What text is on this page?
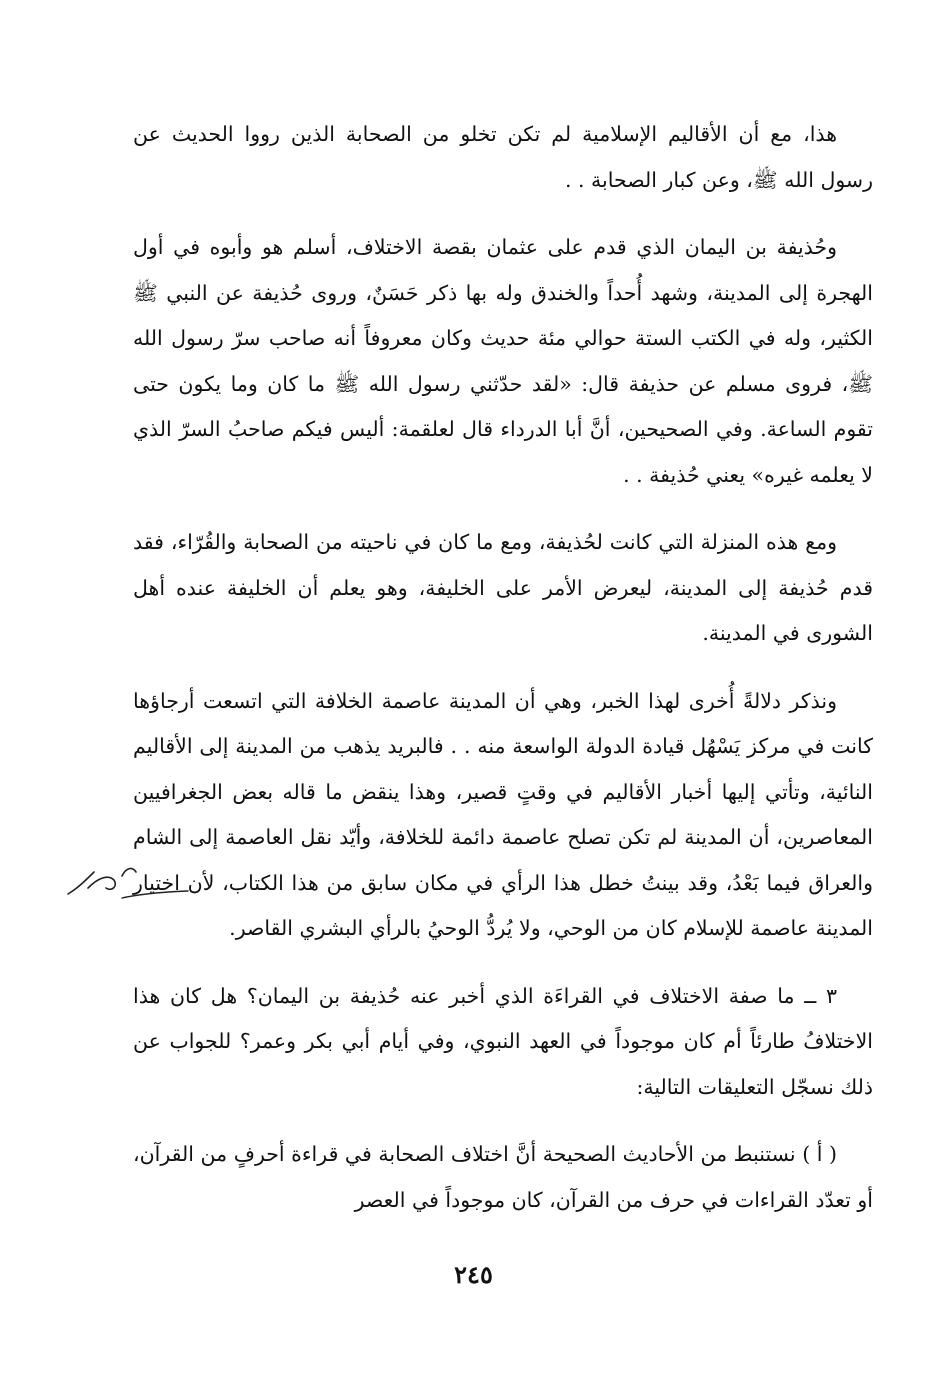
هذا، مع أن الأقاليم الإسلامية لم تكن تخلو من الصحابة الذين رووا الحديث عن رسول الله ﷺ، وعن كبار الصحابة . .

وحُذيفة بن اليمان الذي قدم على عثمان بقصة الاختلاف، أسلم هو وأبوه في أول الهجرة إلى المدينة، وشهد أُحداً والخندق وله بها ذكر حَسَنٌ، وروى حُذيفة عن النبي ﷺ الكثير، وله في الكتب الستة حوالي مئة حديث وكان معروفاً أنه صاحب سرّ رسول الله ﷺ، فروى مسلم عن حذيفة قال: «لقد حدّثني رسول الله ﷺ ما كان وما يكون حتى تقوم الساعة. وفي الصحيحين، أنَّ أبا الدرداء قال لعلقمة: أليس فيكم صاحبُ السرّ الذي لا يعلمه غيره» يعني حُذيفة . .

ومع هذه المنزلة التي كانت لحُذيفة، ومع ما كان في ناحيته من الصحابة والقُرّاء، فقد قدم حُذيفة إلى المدينة، ليعرض الأمر على الخليفة، وهو يعلم أن الخليفة عنده أهل الشورى في المدينة.

ونذكر دلالةً أُخرى لهذا الخبر، وهي أن المدينة عاصمة الخلافة التي اتسعت أرجاؤها كانت في مركز يَسْهُل قيادة الدولة الواسعة منه . . فالبريد يذهب من المدينة إلى الأقاليم النائية، وتأتي إليها أخبار الأقاليم في وقتٍ قصير، وهذا ينقض ما قاله بعض الجغرافيين المعاصرين، أن المدينة لم تكن تصلح عاصمة دائمة للخلافة، وأيّد نقل العاصمة إلى الشام والعراق فيما بَعْدُ، وقد بينتُ خطل هذا الرأي في مكان سابق من هذا الكتاب، لأن اختيار المدينة عاصمة للإسلام كان من الوحي، ولا يُردُّ الوحيُ بالرأي البشري القاصر.

٣ ــ ما صفة الاختلاف في القراءَة الذي أخبر عنه حُذيفة بن اليمان؟ هل كان هذا الاختلافُ طارئاً أم كان موجوداً في العهد النبوي، وفي أيام أبي بكر وعمر؟ للجواب عن ذلك نسجّل التعليقات التالية:

( أ ) نستنبط من الأحاديث الصحيحة أنَّ اختلاف الصحابة في قراءة أحرفٍ من القرآن، أو تعدّد القراءات في حرف من القرآن، كان موجوداً في العصر

٢٤٥
